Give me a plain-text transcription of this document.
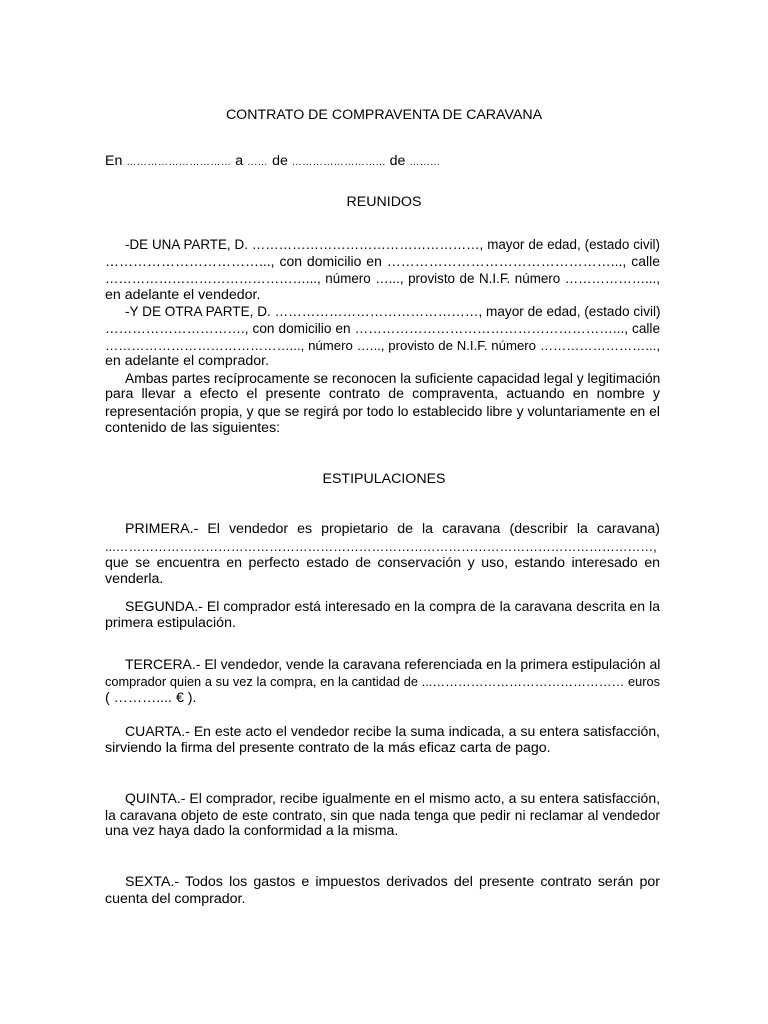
CONTRATO DE COMPRAVENTA DE CARAVANA
En ………………………… a …… de ……………………... de ……...
REUNIDOS
-DE UNA PARTE, D. ……………………………………………, mayor de edad, (estado civil)
……………………………..., con domicilio en …………………………………………..., calle
………………………………………..., número …..., provisto de N.I.F. número ………………...,
en adelante el vendedor.
-Y DE OTRA PARTE, D. ………………………………………, mayor de edad, (estado civil)
…………………………., con domicilio en …………………………………………………..., calle
……………………………………..., número …..., provisto de N.I.F. número ……………………...,
en adelante el comprador.
Ambas partes recíprocamente se reconocen la suficiente capacidad legal y legitimación
para llevar a efecto el presente contrato de compraventa, actuando en nombre y
representación propia, y que se regirá por todo lo establecido libre y voluntariamente en el
contenido de las siguientes:
ESTIPULACIONES
PRIMERA.- El vendedor es propietario de la caravana (describir la caravana)
...………………………………………………………………………………………………………………,
que se encuentra en perfecto estado de conservación y uso, estando interesado en
venderla.
SEGUNDA.- El comprador está interesado en la compra de la caravana descrita en la
primera estipulación.
TERCERA.- El vendedor, vende la caravana referenciada en la primera estipulación al
comprador quien a su vez la compra, en la cantidad de ...……………………………………… euros
( ……….... € ).
CUARTA.- En este acto el vendedor recibe la suma indicada, a su entera satisfacción,
sirviendo la firma del presente contrato de la más eficaz carta de pago.
QUINTA.- El comprador, recibe igualmente en el mismo acto, a su entera satisfacción,
la caravana objeto de este contrato, sin que nada tenga que pedir ni reclamar al vendedor
una vez haya dado la conformidad a la misma.
SEXTA.- Todos los gastos e impuestos derivados del presente contrato serán por
cuenta del comprador.
